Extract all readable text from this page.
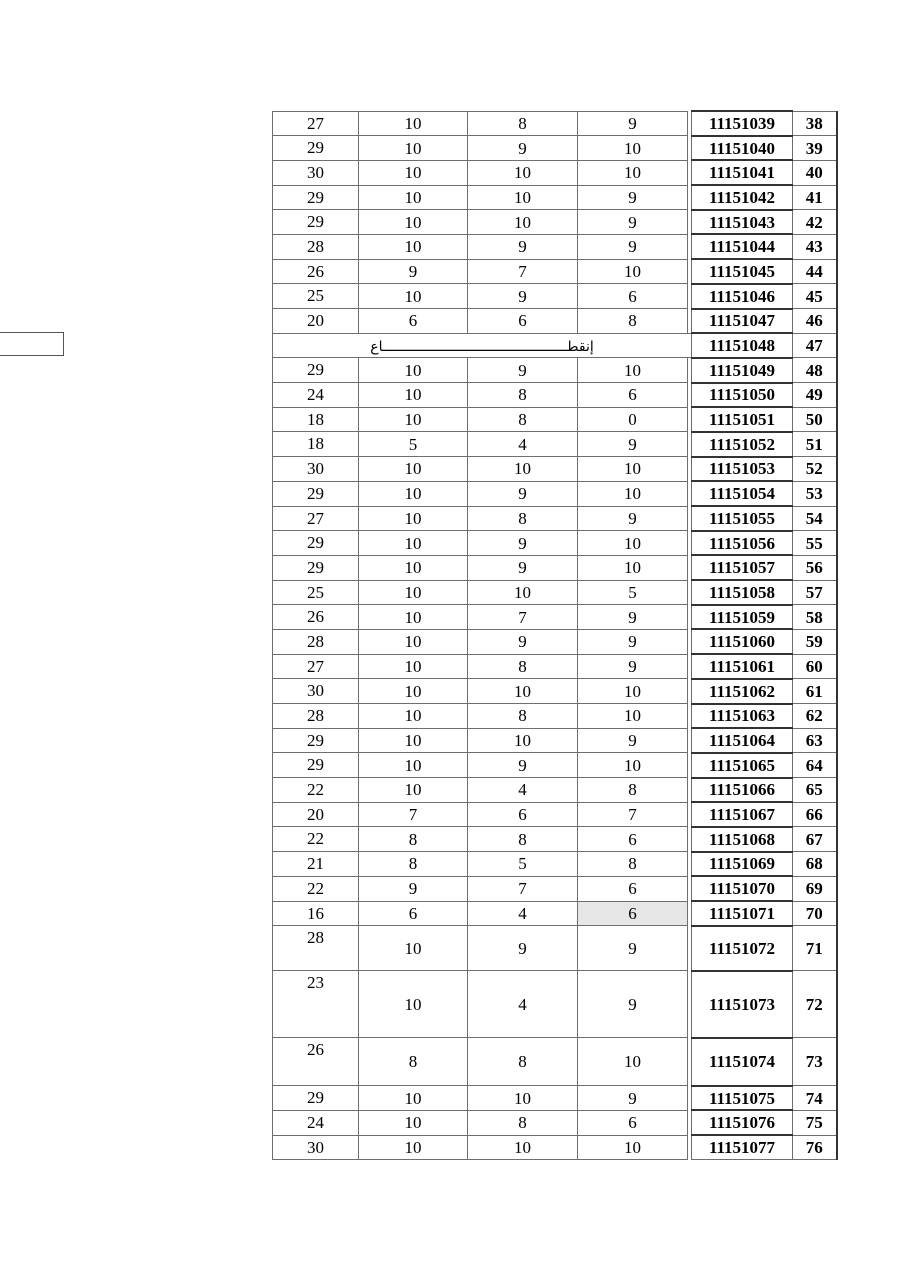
27	10	8	9		11151039	38
29	10	9	10		11151040	39
30	10	10	10		11151041	40
29	10	10	9		11151042	41
29	10	10	9		11151043	42
28	10	9	9		11151044	43
26	9	7	10		11151045	44
25	10	9	6		11151046	45
20	6	6	8		11151047	46
إنقطـــــــــــــــــــــــــــــــــــــــــــــاع					11151048	47
29	10	9	10		11151049	48
24	10	8	6		11151050	49
18	10	8	0		11151051	50
18	5	4	9		11151052	51
30	10	10	10		11151053	52
29	10	9	10		11151054	53
27	10	8	9		11151055	54
29	10	9	10		11151056	55
29	10	9	10		11151057	56
25	10	10	5		11151058	57
26	10	7	9		11151059	58
28	10	9	9		11151060	59
27	10	8	9		11151061	60
30	10	10	10		11151062	61
28	10	8	10		11151063	62
29	10	10	9		11151064	63
29	10	9	10		11151065	64
22	10	4	8		11151066	65
20	7	6	7		11151067	66
22	8	8	6		11151068	67
21	8	5	8		11151069	68
22	9	7	6		11151070	69
16	6	4	6		11151071	70
28	10	9	9		11151072	71
23	10	4	9		11151073	72
26	8	8	10		11151074	73
29	10	10	9		11151075	74
24	10	8	6		11151076	75
30	10	10	10		11151077	76
